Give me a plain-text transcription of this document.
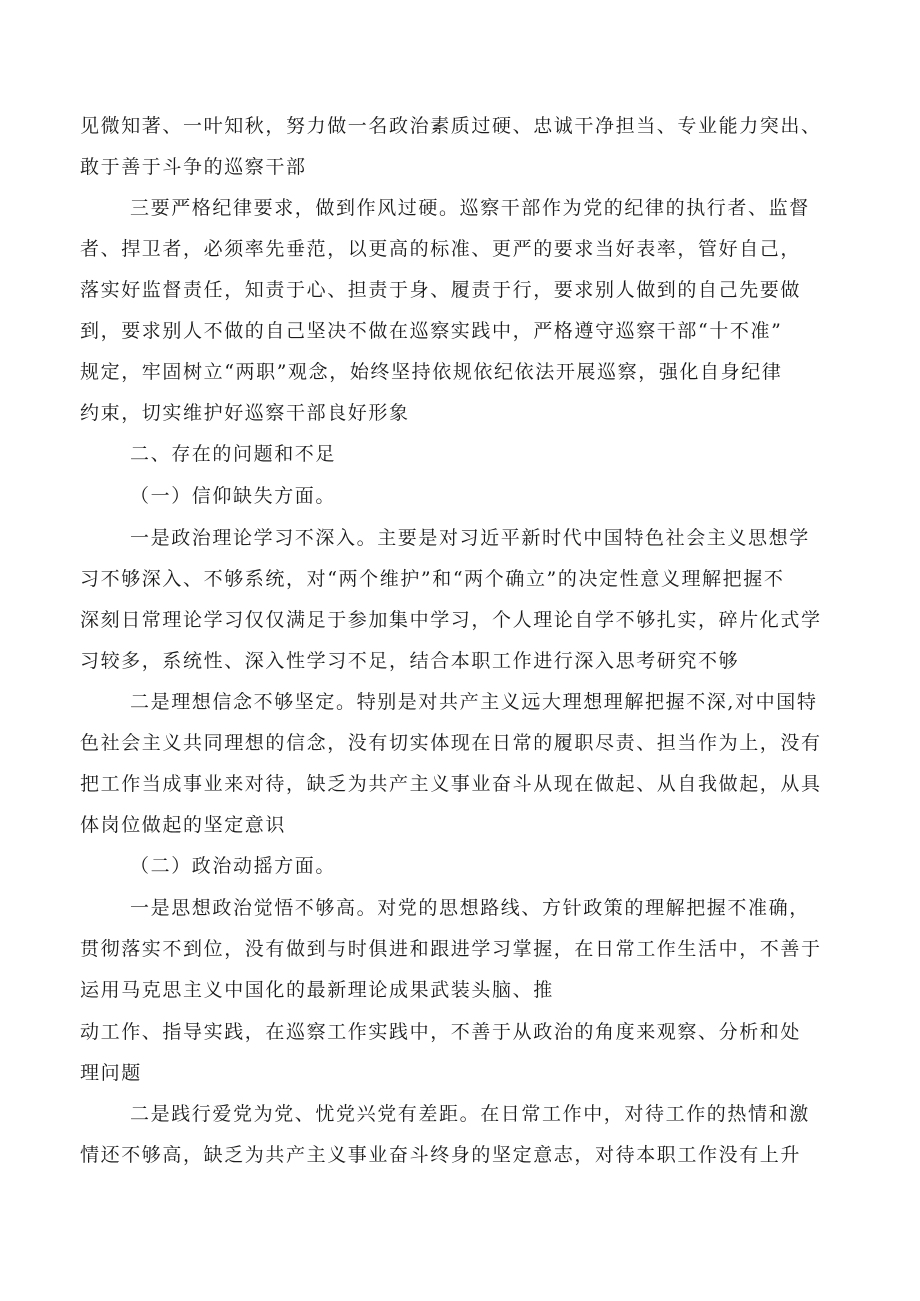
见微知著、一叶知秋，努力做一名政治素质过硬、忠诚干净担当、专业能力突出、
敢于善于斗争的巡察干部
三要严格纪律要求，做到作风过硬。巡察干部作为党的纪律的执行者、监督
者、捍卫者，必须率先垂范，以更高的标准、更严的要求当好表率，管好自己，
落实好监督责任，知责于心、担责于身、履责于行，要求别人做到的自己先要做
到，要求别人不做的自己坚决不做在巡察实践中，严格遵守巡察干部“十不准”
规定，牢固树立“两职”观念，始终坚持依规依纪依法开展巡察，强化自身纪律
约束，切实维护好巡察干部良好形象
二、存在的问题和不足
（一）信仰缺失方面。
一是政治理论学习不深入。主要是对习近平新时代中国特色社会主义思想学
习不够深入、不够系统，对“两个维护”和“两个确立”的决定性意义理解把握不
深刻日常理论学习仅仅满足于参加集中学习，个人理论自学不够扎实，碎片化式学
习较多，系统性、深入性学习不足，结合本职工作进行深入思考研究不够
二是理想信念不够坚定。特别是对共产主义远大理想理解把握不深,对中国特
色社会主义共同理想的信念，没有切实体现在日常的履职尽责、担当作为上，没有
把工作当成事业来对待，缺乏为共产主义事业奋斗从现在做起、从自我做起，从具
体岗位做起的坚定意识
（二）政治动摇方面。
一是思想政治觉悟不够高。对党的思想路线、方针政策的理解把握不准确，
贯彻落实不到位，没有做到与时俱进和跟进学习掌握，在日常工作生活中，不善于
运用马克思主义中国化的最新理论成果武装头脑、推
动工作、指导实践，在巡察工作实践中，不善于从政治的角度来观察、分析和处
理问题
二是践行爱党为党、忧党兴党有差距。在日常工作中，对待工作的热情和激
情还不够高，缺乏为共产主义事业奋斗终身的坚定意志，对待本职工作没有上升
